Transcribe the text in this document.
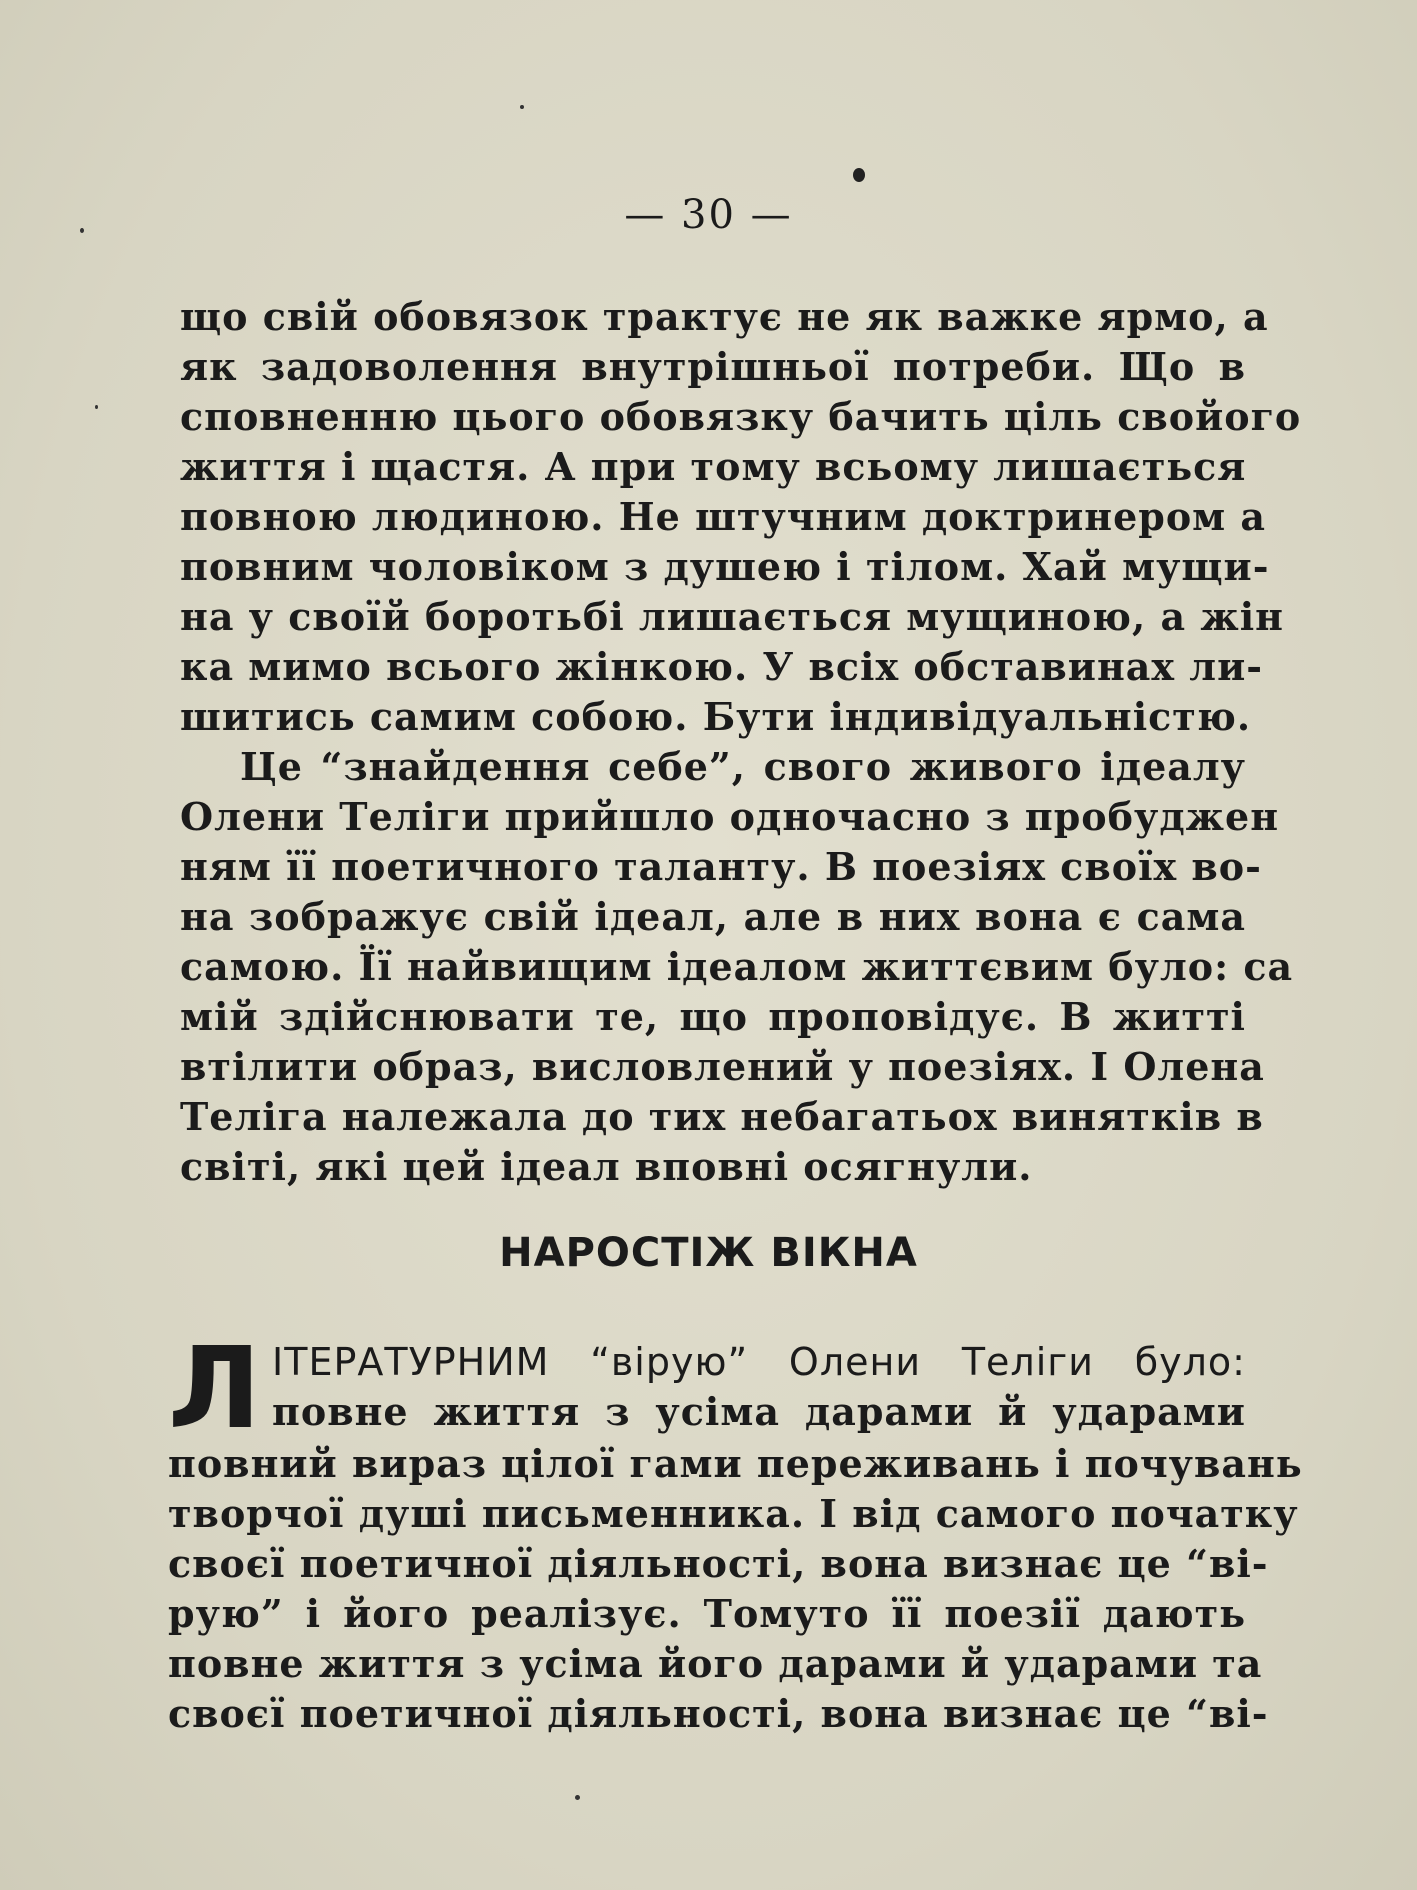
— 30 —
що свій обовязок трактує не як важке ярмо, а
як задоволення внутрішньої потреби. Що в
сповненню цього обовязку бачить ціль свойого
життя і щастя. А при тому всьому лишається
повною людиною. Не штучним доктринером а
повним чоловіком з душею і тілом. Хай мущи-
на у своїй боротьбі лишається мущиною, а жін
ка мимо всього жінкою. У всіх обставинах ли-
шитись самим собою. Бути індивідуальністю.
Це “знайдення себе”, свого живого ідеалу
Олени Теліги прийшло одночасно з пробуджен
ням її поетичного таланту. В поезіях своїх во-
на зображує свій ідеал, але в них вона є сама
самою. Її найвищим ідеалом життєвим було: са
мій здійснювати те, що проповідує. В житті
втілити образ, висловлений у поезіях. І Олена
Теліга належала до тих небагатьох винятків в
світі, які цей ідеал вповні осягнули.
НАРОСТІЖ ВІКНА
Л ІТЕРАТУРНИМ “вірую” Олени Теліги було:
повне життя з усіма дарами й ударами
повний вираз цілої гами переживань і почувань
творчої душі письменника. І від самого початку
своєї поетичної діяльності, вона визнає це “ві-
рую” і його реалізує. Томуто її поезії дають
повне життя з усіма його дарами й ударами та
своєї поетичної діяльності, вона визнає це “ві-
